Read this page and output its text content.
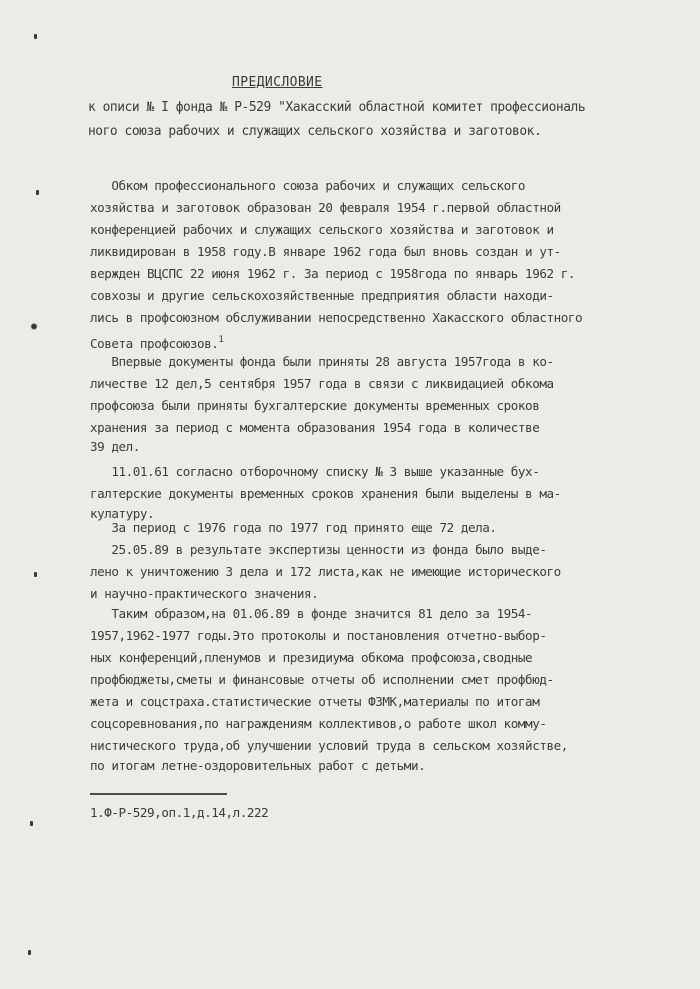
ПРЕДИСЛОВИЕ
к описи № I фонда № Р-529 "Хакасский областной комитет профессиональ
ного союза рабочих и служащих сельского хозяйства и заготовок.
Обком профессионального союза рабочих и служащих сельского
хозяйства и заготовок образован 20 февраля 1954 г.первой областной
конференцией рабочих и служащих сельского хозяйства и заготовок и
ликвидирован в 1958 году.В январе 1962 года был вновь создан и ут-
вержден ВЦСПС 22 июня 1962 г. За период с 1958года по январь 1962 г.
совхозы и другие сельскохозяйственные предприятия области находи-
лись в профсоюзном обслуживании непосредственно Хакасского областного
Совета профсоюзов.$^1$
Впервые документы фонда были приняты 28 августа 1957года в ко-
личестве 12 дел,5 сентября 1957 года в связи с ликвидацией обкома
профсоюза были приняты бухгалтерские документы временных сроков
хранения за период с момента образования 1954 года в количестве
39 дел.
11.01.61 согласно отборочному списку № 3 выше указанные бух-
галтерские документы временных сроков хранения были выделены в ма-
кулатуру.
За период с 1976 года по 1977 год принято еще 72 дела.
25.05.89 в результате экспертизы ценности из фонда было выде-
лено к уничтожению 3 дела и 172 листа,как не имеющие исторического
и научно-практического значения.
Таким образом,на 01.06.89 в фонде значится 81 дело за 1954-
1957,1962-1977 годы.Это протоколы и постановления отчетно-выбор-
ных конференций,пленумов и президиума обкома профсоюза,сводные
профбюджеты,сметы и финансовые отчеты об исполнении смет профбюд-
жета и соцстраха.статистические отчеты ФЗМК,материалы по итогам
соцсоревнования,по награждениям коллективов,о работе школ комму-
нистического труда,об улучшении условий труда в сельском хозяйстве,
по итогам летне-оздоровительных работ с детьми.
1.Ф-Р-529,оп.1,д.14,л.222
